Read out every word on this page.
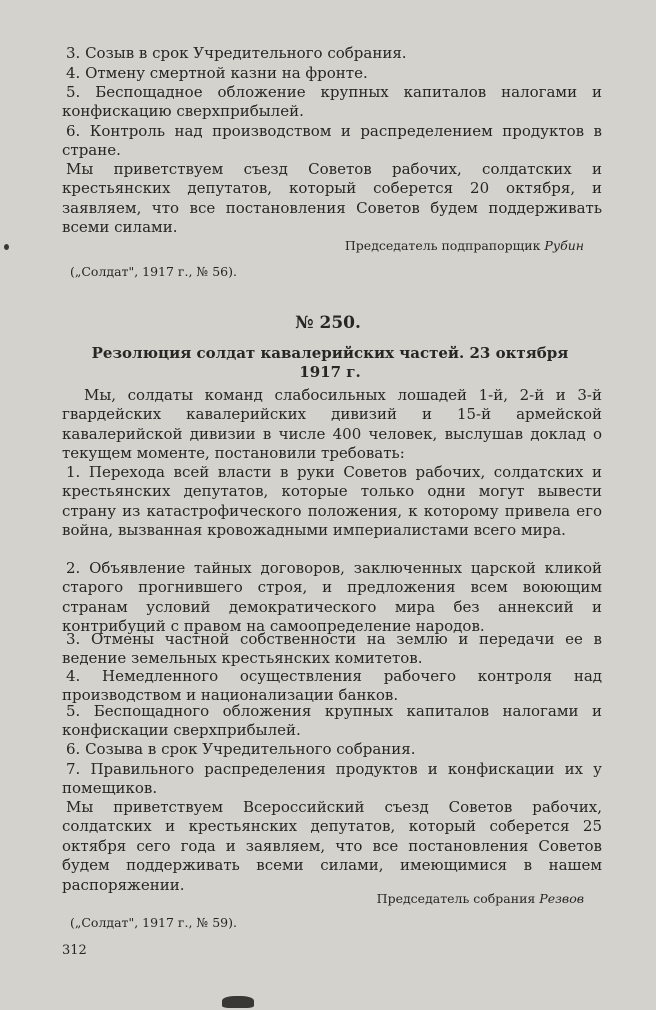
3. Созыв в срок Учредительного собрания.
4. Отмену смертной казни на фронте.
5. Беспощадное обложение крупных капиталов налогами и конфискацию сверхприбылей.
6. Контроль над производством и распределением продуктов в стране.
Мы приветствуем съезд Советов рабочих, солдатских и крестьянских депутатов, который соберется 20 октября, и заявляем, что все постановления Советов будем поддерживать всеми силами.
Председатель подпрапорщик Рубин
(„Солдат", 1917 г., № 56).
№ 250.
Резолюция солдат кавалерийских частей. 23 октября
1917 г.
Мы, солдаты команд слабосильных лошадей 1-й, 2-й и 3-й гвардейских кавалерийских дивизий и 15-й армейской кавалерийской дивизии в числе 400 человек, выслушав доклад о текущем моменте, постановили требовать:
1. Перехода всей власти в руки Советов рабочих, солдатских и крестьянских депутатов, которые только одни могут вывести страну из катастрофического положения, к которому привела его война, вызванная кровожадными империалистами всего мира.
2. Объявление тайных договоров, заключенных царской кликой старого прогнившего строя, и предложения всем воюющим странам условий демократического мира без аннексий и контрибуций с правом на самоопределение народов.
3. Отмены частной собственности на землю и передачи ее в ведение земельных крестьянских комитетов.
4. Немедленного осуществления рабочего контроля над производством и национализации банков.
5. Беспощадного обложения крупных капиталов налогами и конфискации сверхприбылей.
6. Созыва в срок Учредительного собрания.
7. Правильного распределения продуктов и конфискации их у помещиков.
Мы приветствуем Всероссийский съезд Советов рабочих, солдатских и крестьянских депутатов, который соберется 25 октября сего года и заявляем, что все постановления Советов будем поддерживать всеми силами, имеющимися в нашем распоряжении.
Председатель собрания Резвов
(„Солдат", 1917 г., № 59).
312
